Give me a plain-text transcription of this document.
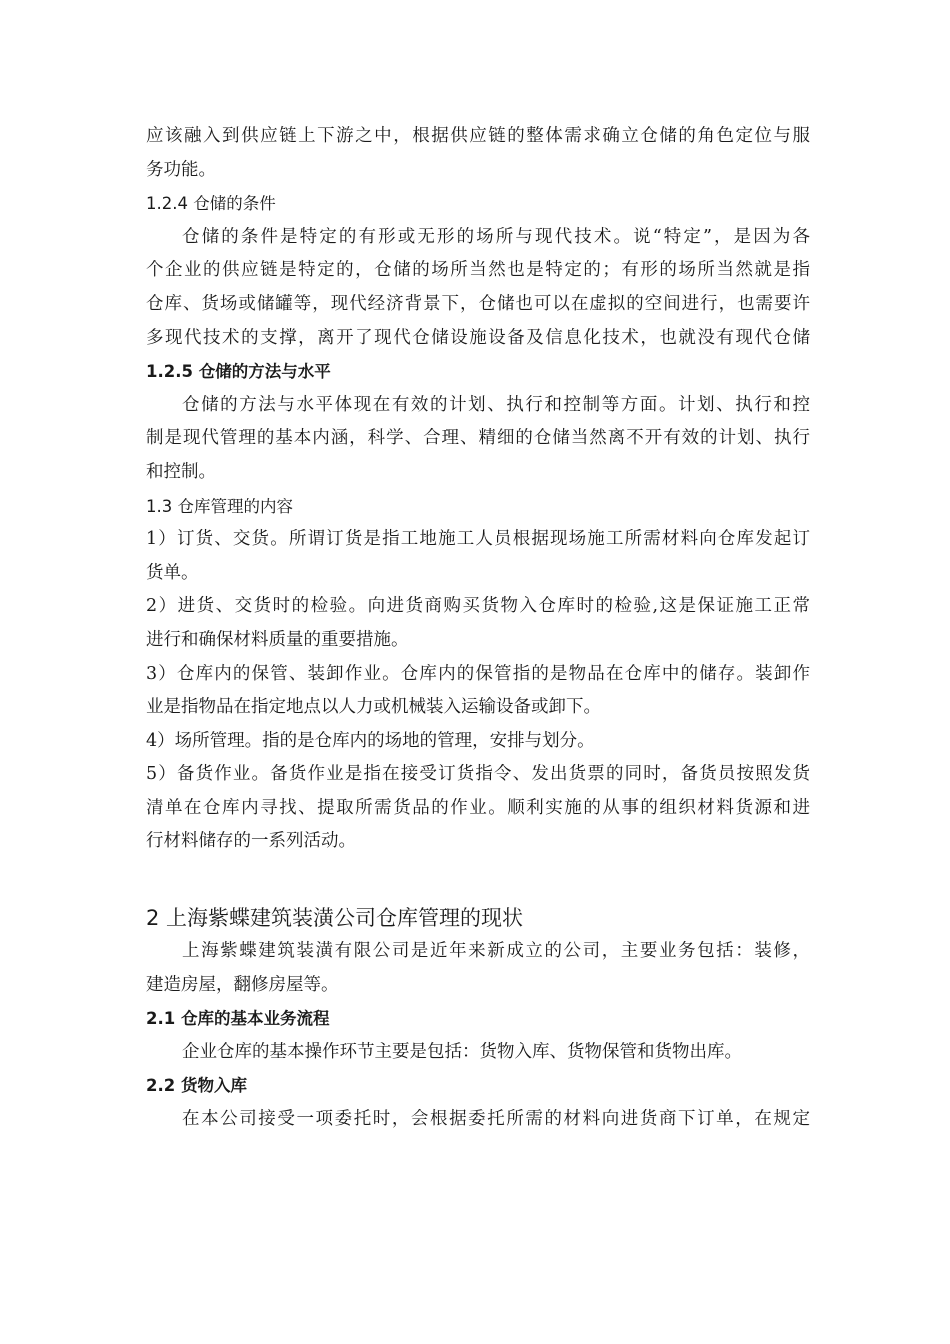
应该融入到供应链上下游之中，根据供应链的整体需求确立仓储的角色定位与服
务功能。
1.2.4 仓储的条件
仓储的条件是特定的有形或无形的场所与现代技术。说“特定”，是因为各
个企业的供应链是特定的，仓储的场所当然也是特定的；有形的场所当然就是指
仓库、货场或储罐等，现代经济背景下，仓储也可以在虚拟的空间进行，也需要许
多现代技术的支撑，离开了现代仓储设施设备及信息化技术，也就没有现代仓储
1.2.5 仓储的方法与水平
仓储的方法与水平体现在有效的计划、执行和控制等方面。计划、执行和控
制是现代管理的基本内涵，科学、合理、精细的仓储当然离不开有效的计划、执行
和控制。
1.3 仓库管理的内容
1）订货、交货。所谓订货是指工地施工人员根据现场施工所需材料向仓库发起订
货单。
2）进货、交货时的检验。向进货商购买货物入仓库时的检验,这是保证施工正常
进行和确保材料质量的重要措施。
3）仓库内的保管、装卸作业。仓库内的保管指的是物品在仓库中的储存。装卸作
业是指物品在指定地点以人力或机械装入运输设备或卸下。
4）场所管理。指的是仓库内的场地的管理，安排与划分。
5）备货作业。备货作业是指在接受订货指令、发出货票的同时，备货员按照发货
清单在仓库内寻找、提取所需货品的作业。顺利实施的从事的组织材料货源和进
行材料储存的一系列活动。
2 上海紫蝶建筑装潢公司仓库管理的现状
上海紫蝶建筑装潢有限公司是近年来新成立的公司，主要业务包括：装修，
建造房屋，翻修房屋等。
2.1 仓库的基本业务流程
企业仓库的基本操作环节主要是包括：货物入库、货物保管和货物出库。
2.2 货物入库
在本公司接受一项委托时，会根据委托所需的材料向进货商下订单，在规定
